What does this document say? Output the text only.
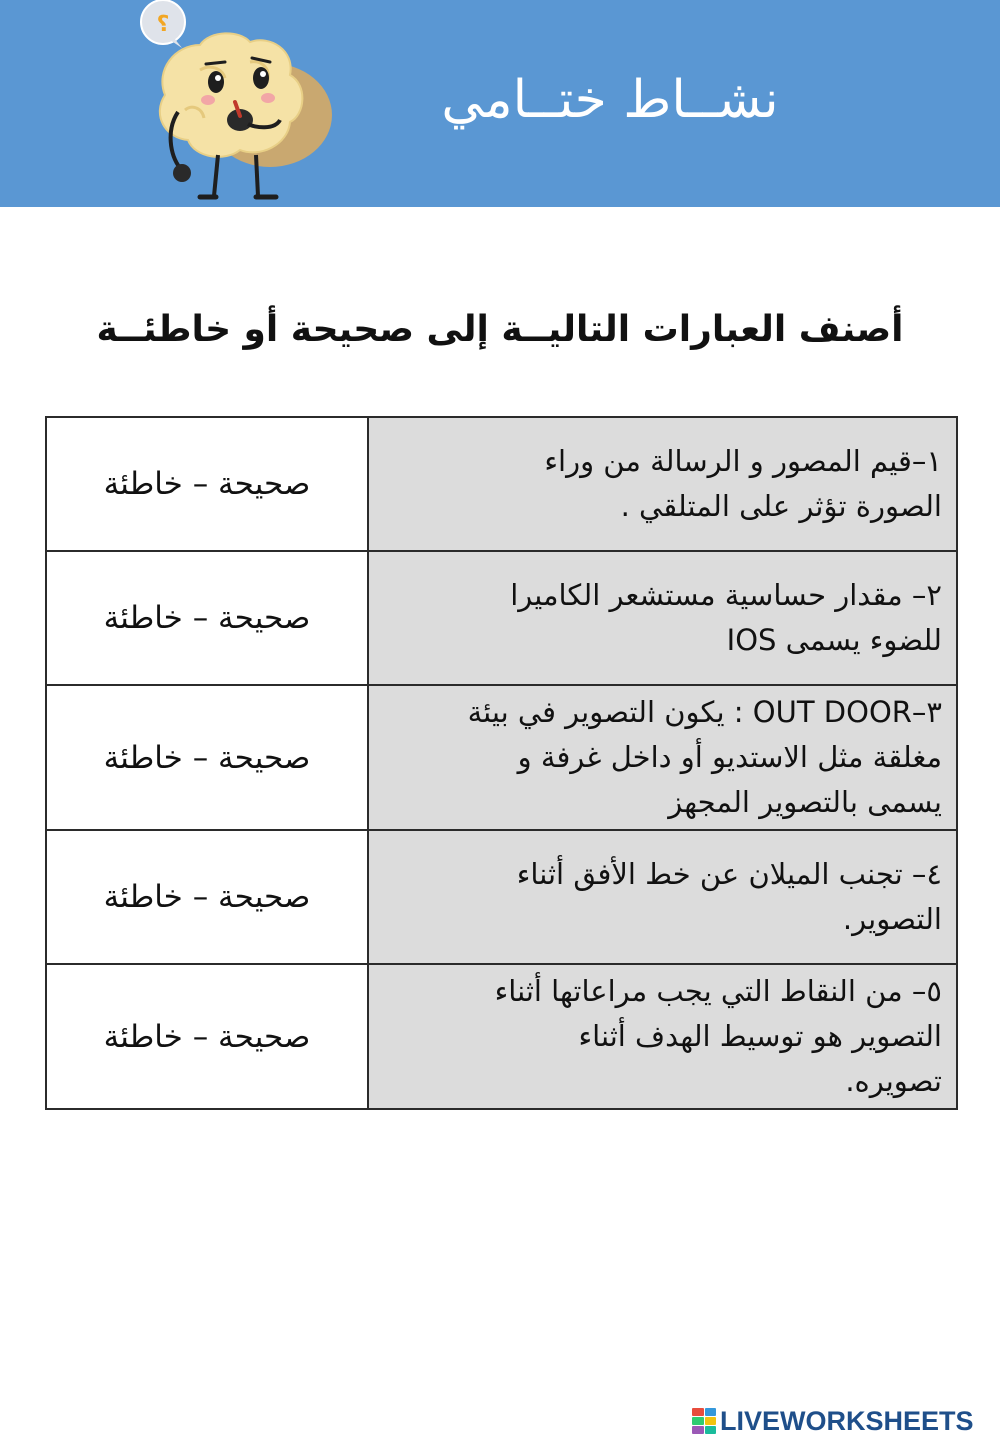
؟
نشــاط ختــامي
أصنف العبارات التاليــة إلى صحيحة أو خاطئــة
صحيحة – خاطئة	١–قيم المصور و الرسالة من وراء
الصورة تؤثر على المتلقي .

صحيحة – خاطئة	٢– مقدار حساسية مستشعر الكاميرا
للضوء يسمى IOS

صحيحة – خاطئة	٣–OUT DOOR : يكون التصوير في بيئة
مغلقة مثل الاستديو أو داخل غرفة و
يسمى بالتصوير المجهز

صحيحة – خاطئة	٤– تجنب الميلان عن خط الأفق أثناء
التصوير.

صحيحة – خاطئة	٥– من النقاط التي يجب مراعاتها أثناء
التصوير هو توسيط الهدف أثناء
تصويره.
LIVEWORKSHEETS
